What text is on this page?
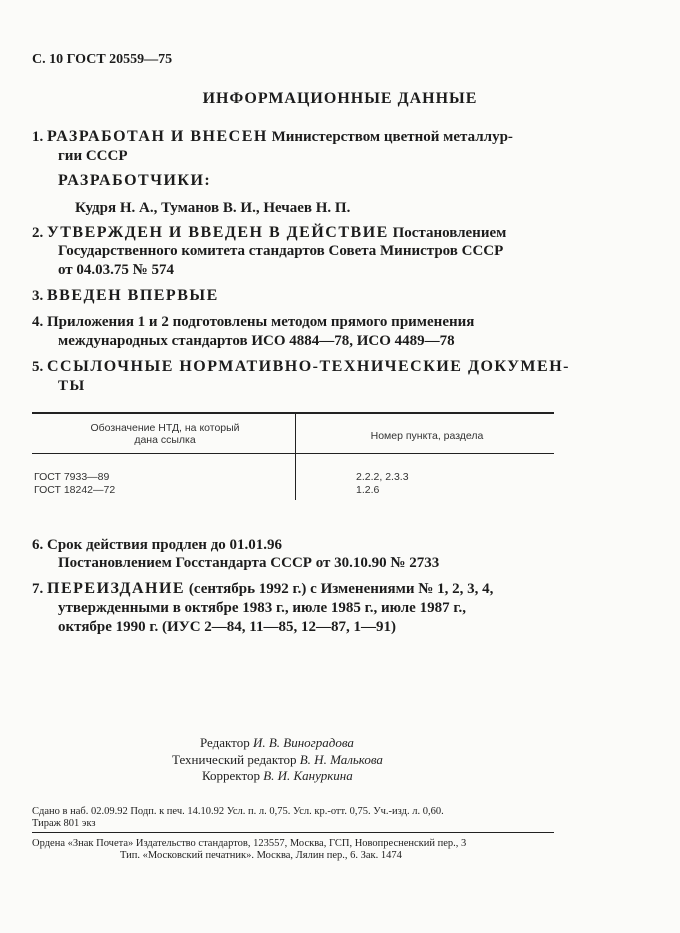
С. 10 ГОСТ 20559—75
ИНФОРМАЦИОННЫЕ ДАННЫЕ
1. РАЗРАБОТАН И ВНЕСЕН Министерством цветной металлур-
гии СССР
РАЗРАБОТЧИКИ:
Кудря Н. А., Туманов В. И., Нечаев Н. П.
2. УТВЕРЖДЕН И ВВЕДЕН В ДЕЙСТВИЕ Постановлением
Государственного комитета стандартов Совета Министров СССР
от 04.03.75 № 574
3. ВВЕДЕН ВПЕРВЫЕ
4. Приложения 1 и 2 подготовлены методом прямого применения
международных стандартов ИСО 4884—78, ИСО 4489—78
5. ССЫЛОЧНЫЕ НОРМАТИВНО-ТЕХНИЧЕСКИЕ ДОКУМЕН-
ТЫ
Обозначение НТД, на который
дана ссылка	Номер пункта, раздела
ГОСТ 7933—89	2.2.2, 2.3.3
ГОСТ 18242—72	1.2.6
6. Срок действия продлен до 01.01.96
Постановлением Госстандарта СССР от 30.10.90 № 2733
7. ПЕРЕИЗДАНИЕ (сентябрь 1992 г.) с Изменениями № 1, 2, 3, 4,
утвержденными в октябре 1983 г., июле 1985 г., июле 1987 г.,
октябре 1990 г. (ИУС 2—84, 11—85, 12—87, 1—91)
Редактор И. В. Виноградова
Технический редактор В. Н. Малькова
Корректор В. И. Кануркина
Сдано в наб. 02.09.92 Подп. к печ. 14.10.92 Усл. п. л. 0,75. Усл. кр.-отт. 0,75. Уч.-изд. л. 0,60.
Тираж 801 экз
Ордена «Знак Почета» Издательство стандартов, 123557, Москва, ГСП, Новопресненский пер., 3
Тип. «Московский печатник». Москва, Лялин пер., 6. Зак. 1474
